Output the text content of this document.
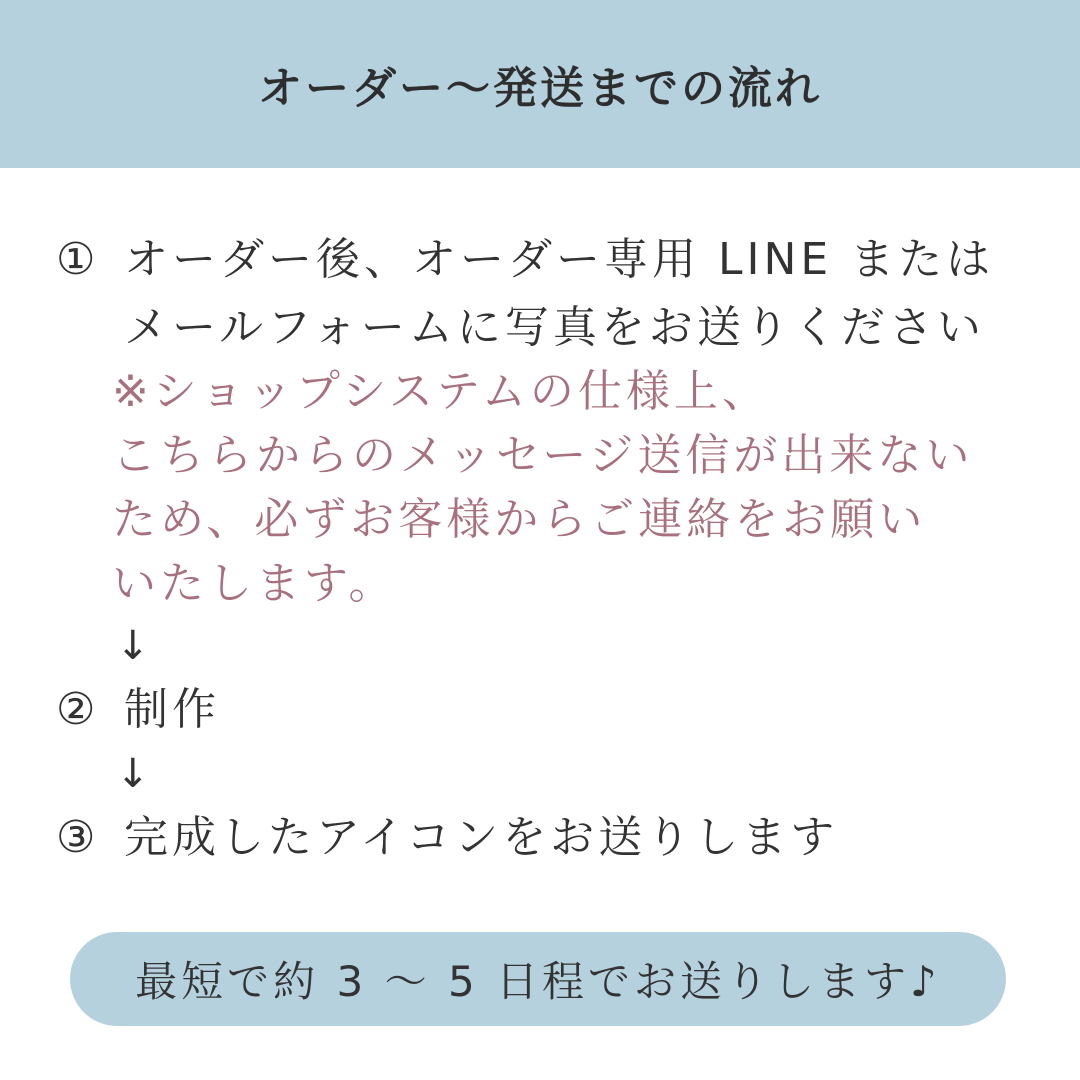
オーダー～発送までの流れ
① オーダー後、オーダー専用 LINE または
メールフォームに写真をお送りください
※ショップシステムの仕様上、
こちらからのメッセージ送信が出来ない
ため、必ずお客様からご連絡をお願い
いたします。
↓
② 制作
↓
③ 完成したアイコンをお送りします
最短で約 3 ～ 5 日程でお送りします♪
